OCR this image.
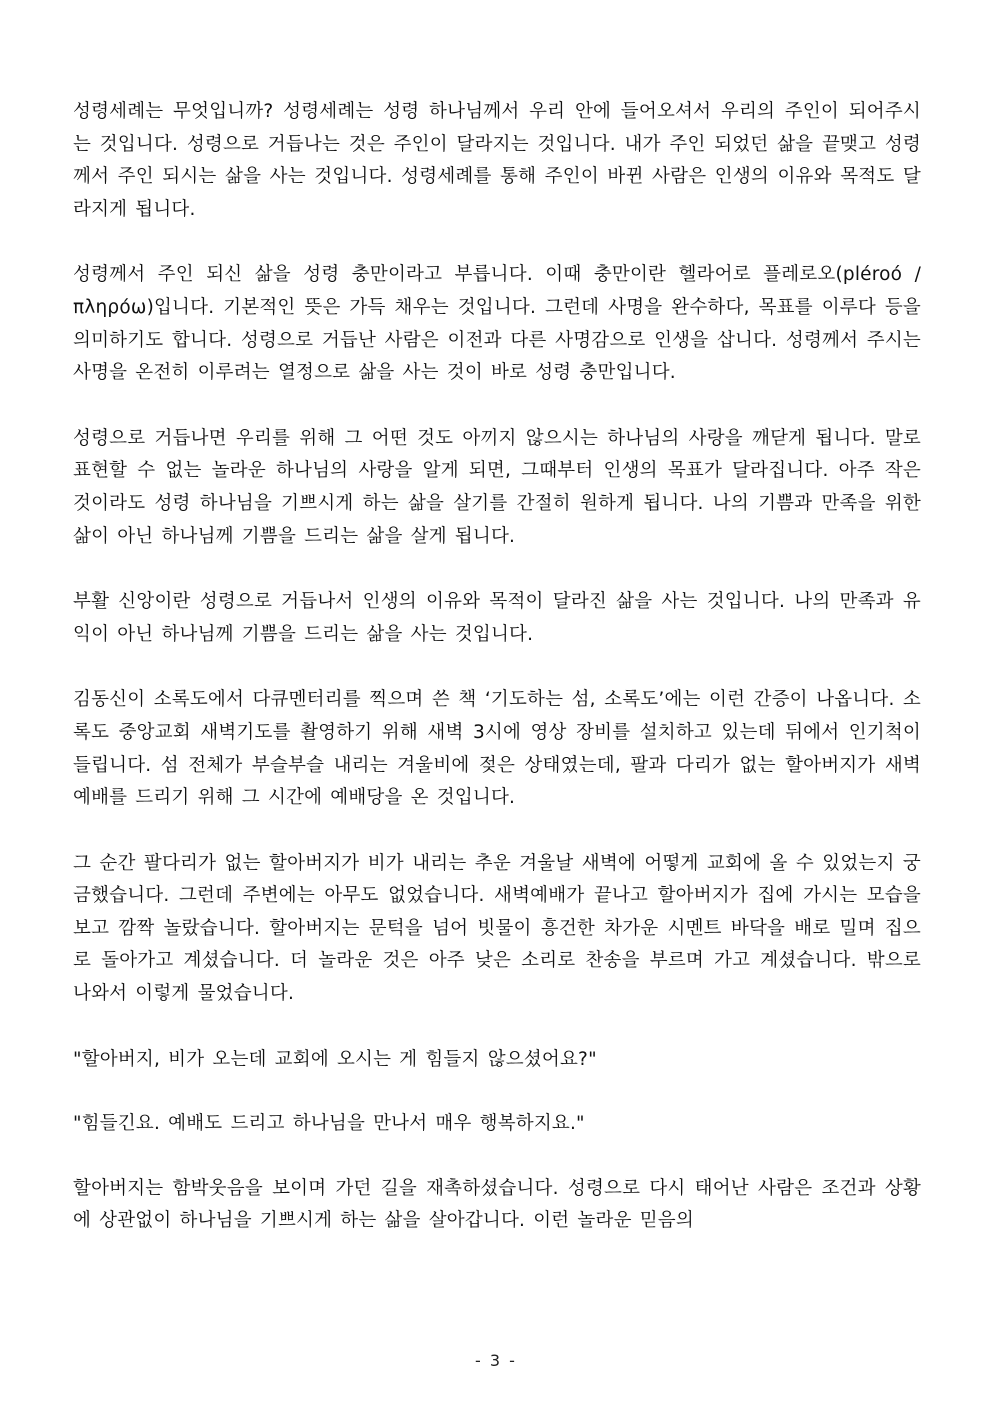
성령세례는 무엇입니까? 성령세례는 성령 하나님께서 우리 안에 들어오셔서 우리의 주인이 되어주시는 것입니다. 성령으로 거듭나는 것은 주인이 달라지는 것입니다. 내가 주인 되었던 삶을 끝맺고 성령께서 주인 되시는 삶을 사는 것입니다. 성령세례를 통해 주인이 바뀐 사람은 인생의 이유와 목적도 달라지게 됩니다.

성령께서 주인 되신 삶을 성령 충만이라고 부릅니다. 이때 충만이란 헬라어로 플레로오(pléroó / πληρόω)입니다. 기본적인 뜻은 가득 채우는 것입니다. 그런데 사명을 완수하다, 목표를 이루다 등을 의미하기도 합니다. 성령으로 거듭난 사람은 이전과 다른 사명감으로 인생을 삽니다. 성령께서 주시는 사명을 온전히 이루려는 열정으로 삶을 사는 것이 바로 성령 충만입니다.

성령으로 거듭나면 우리를 위해 그 어떤 것도 아끼지 않으시는 하나님의 사랑을 깨닫게 됩니다. 말로 표현할 수 없는 놀라운 하나님의 사랑을 알게 되면, 그때부터 인생의 목표가 달라집니다. 아주 작은 것이라도 성령 하나님을 기쁘시게 하는 삶을 살기를 간절히 원하게 됩니다. 나의 기쁨과 만족을 위한 삶이 아닌 하나님께 기쁨을 드리는 삶을 살게 됩니다.

부활 신앙이란 성령으로 거듭나서 인생의 이유와 목적이 달라진 삶을 사는 것입니다. 나의 만족과 유익이 아닌 하나님께 기쁨을 드리는 삶을 사는 것입니다.

김동신이 소록도에서 다큐멘터리를 찍으며 쓴 책 ‘기도하는 섬, 소록도’에는 이런 간증이 나옵니다. 소록도 중앙교회 새벽기도를 촬영하기 위해 새벽 3시에 영상 장비를 설치하고 있는데 뒤에서 인기척이 들립니다. 섬 전체가 부슬부슬 내리는 겨울비에 젖은 상태였는데, 팔과 다리가 없는 할아버지가 새벽예배를 드리기 위해 그 시간에 예배당을 온 것입니다.

그 순간 팔다리가 없는 할아버지가 비가 내리는 추운 겨울날 새벽에 어떻게 교회에 올 수 있었는지 궁금했습니다. 그런데 주변에는 아무도 없었습니다. 새벽예배가 끝나고 할아버지가 집에 가시는 모습을 보고 깜짝 놀랐습니다. 할아버지는 문턱을 넘어 빗물이 흥건한 차가운 시멘트 바닥을 배로 밀며 집으로 돌아가고 계셨습니다. 더 놀라운 것은 아주 낮은 소리로 찬송을 부르며 가고 계셨습니다. 밖으로 나와서 이렇게 물었습니다.

"할아버지, 비가 오는데 교회에 오시는 게 힘들지 않으셨어요?"

"힘들긴요. 예배도 드리고 하나님을 만나서 매우 행복하지요."

할아버지는 함박웃음을 보이며 가던 길을 재촉하셨습니다. 성령으로 다시 태어난 사람은 조건과 상황에 상관없이 하나님을 기쁘시게 하는 삶을 살아갑니다. 이런 놀라운 믿음의

- 3 -
